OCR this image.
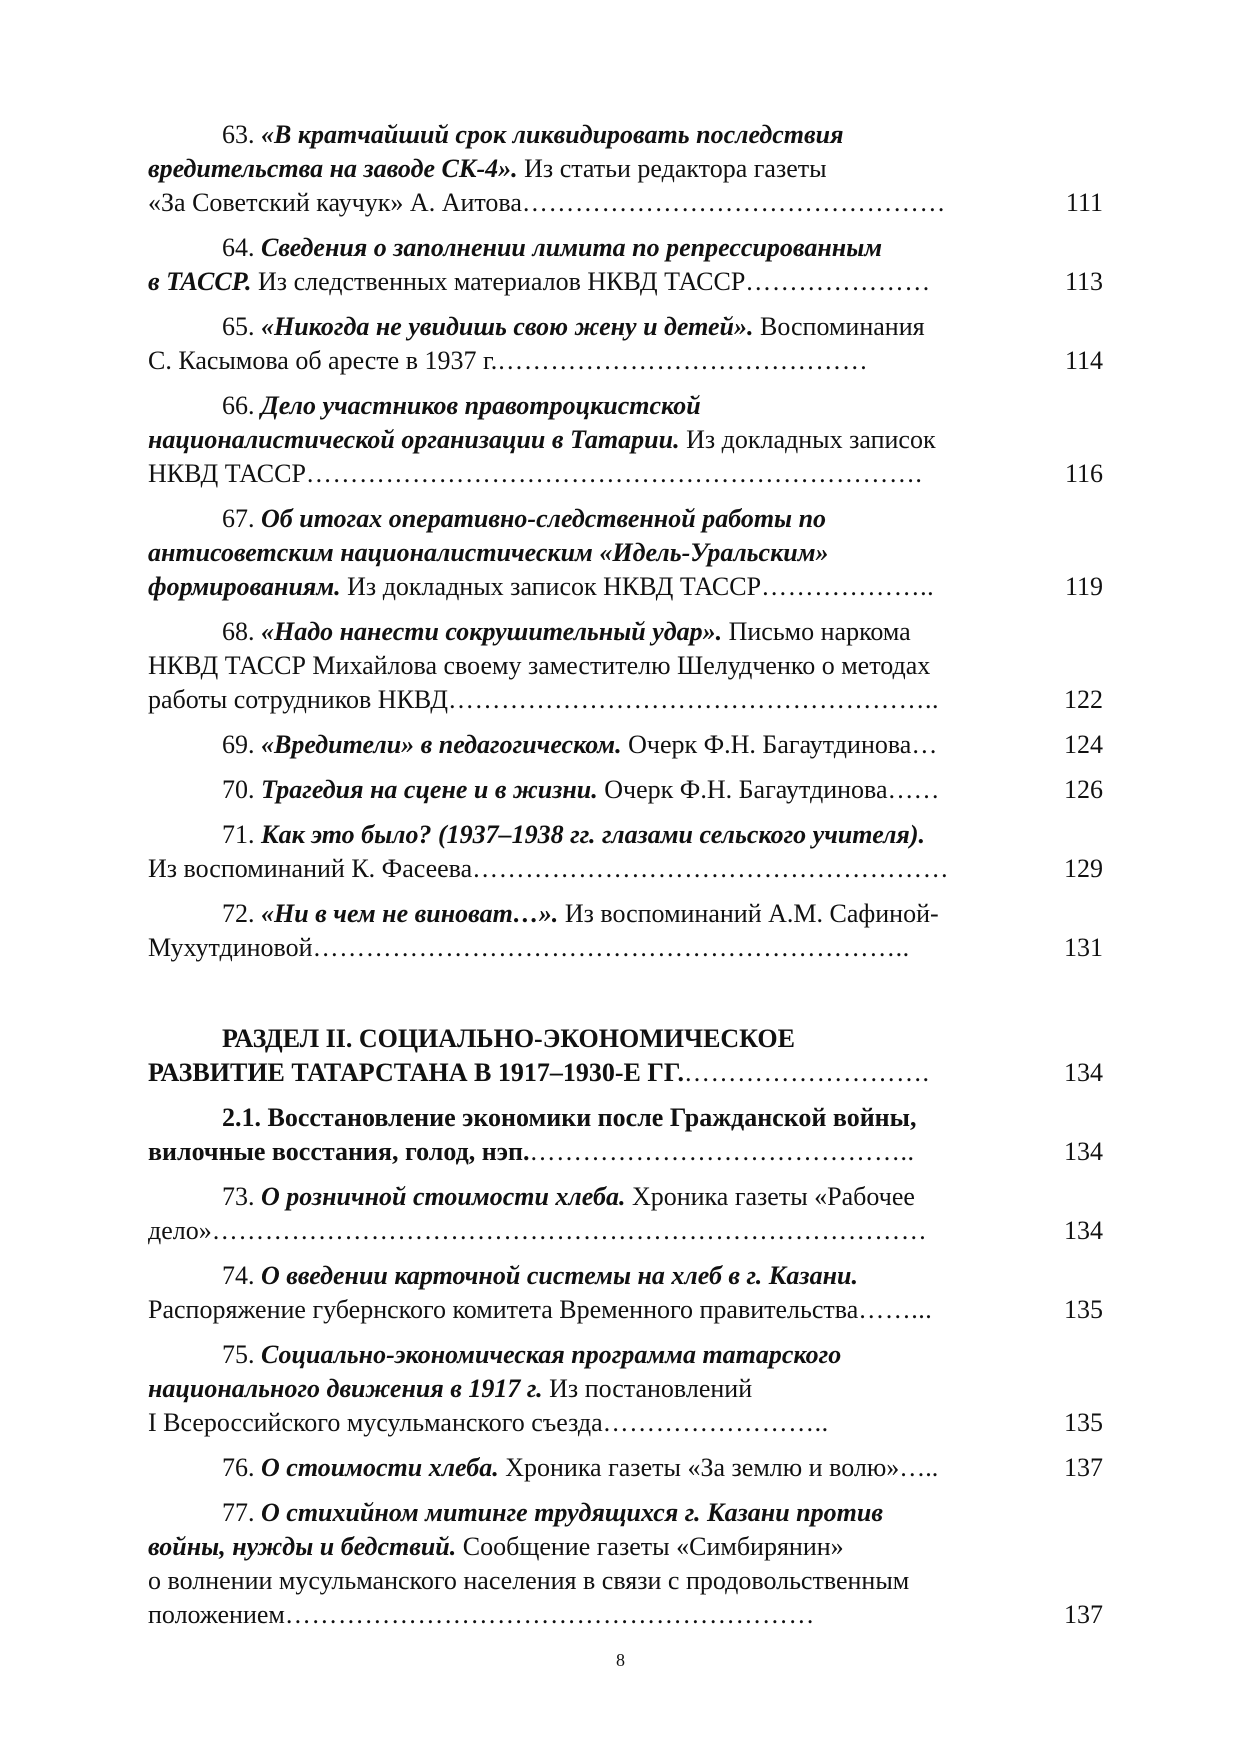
63. «В кратчайший срок ликвидировать последствия
вредительства на заводе СК-4». Из статьи редактора газеты
«За Советский каучук» А. Аитова…………………………………………	111
64. Сведения о заполнении лимита по репрессированным
в ТАССР. Из следственных материалов НКВД ТАССР…………………	113
65. «Никогда не увидишь свою жену и детей». Воспоминания
С. Касымова об аресте в 1937 г.……………………………………	114
66. Дело участников правотроцкистской
националистической организации в Татарии. Из докладных записок
НКВД ТАССР…………………………………………………………….	116
67. Об итогах оперативно-следственной работы по
антисоветским националистическим «Идель-Уральским»
формированиям. Из докладных записок НКВД ТАССР………………..	119
68. «Надо нанести сокрушительный удар». Письмо наркома
НКВД ТАССР Михайлова своему заместителю Шелудченко о методах
работы сотрудников НКВД………………………………………………..	122
69. «Вредители» в педагогическом. Очерк Ф.Н. Багаутдинова…	124
70. Трагедия на сцене и в жизни. Очерк Ф.Н. Багаутдинова……	126
71. Как это было? (1937–1938 гг. глазами сельского учителя).
Из воспоминаний К. Фасеева………………………………………………	129
72. «Ни в чем не виноват…». Из воспоминаний А.М. Сафиной-
Мухутдиновой…………………………………………………………..	131
РАЗДЕЛ II. СОЦИАЛЬНО-ЭКОНОМИЧЕСКОЕ
РАЗВИТИЕ ТАТАРСТАНА В 1917–1930-Е ГГ.……………………….	134
2.1. Восстановление экономики после Гражданской войны,
вилочные восстания, голод, нэп.……………………………………..	134
73. О розничной стоимости хлеба. Хроника газеты «Рабочее
дело»………………………………………………………………………	134
74. О введении карточной системы на хлеб в г. Казани.
Распоряжение губернского комитета Временного правительства……...	135
75. Социально-экономическая программа татарского
национального движения в 1917 г. Из постановлений
I Всероссийского мусульманского съезда……………………..	135
76. О стоимости хлеба. Хроника газеты «За землю и волю»…..	137
77. О стихийном митинге трудящихся г. Казани против
войны, нужды и бедствий. Сообщение газеты «Симбирянин»
о волнении мусульманского населения в связи с продовольственным
положением……………………………………………………	137
8
